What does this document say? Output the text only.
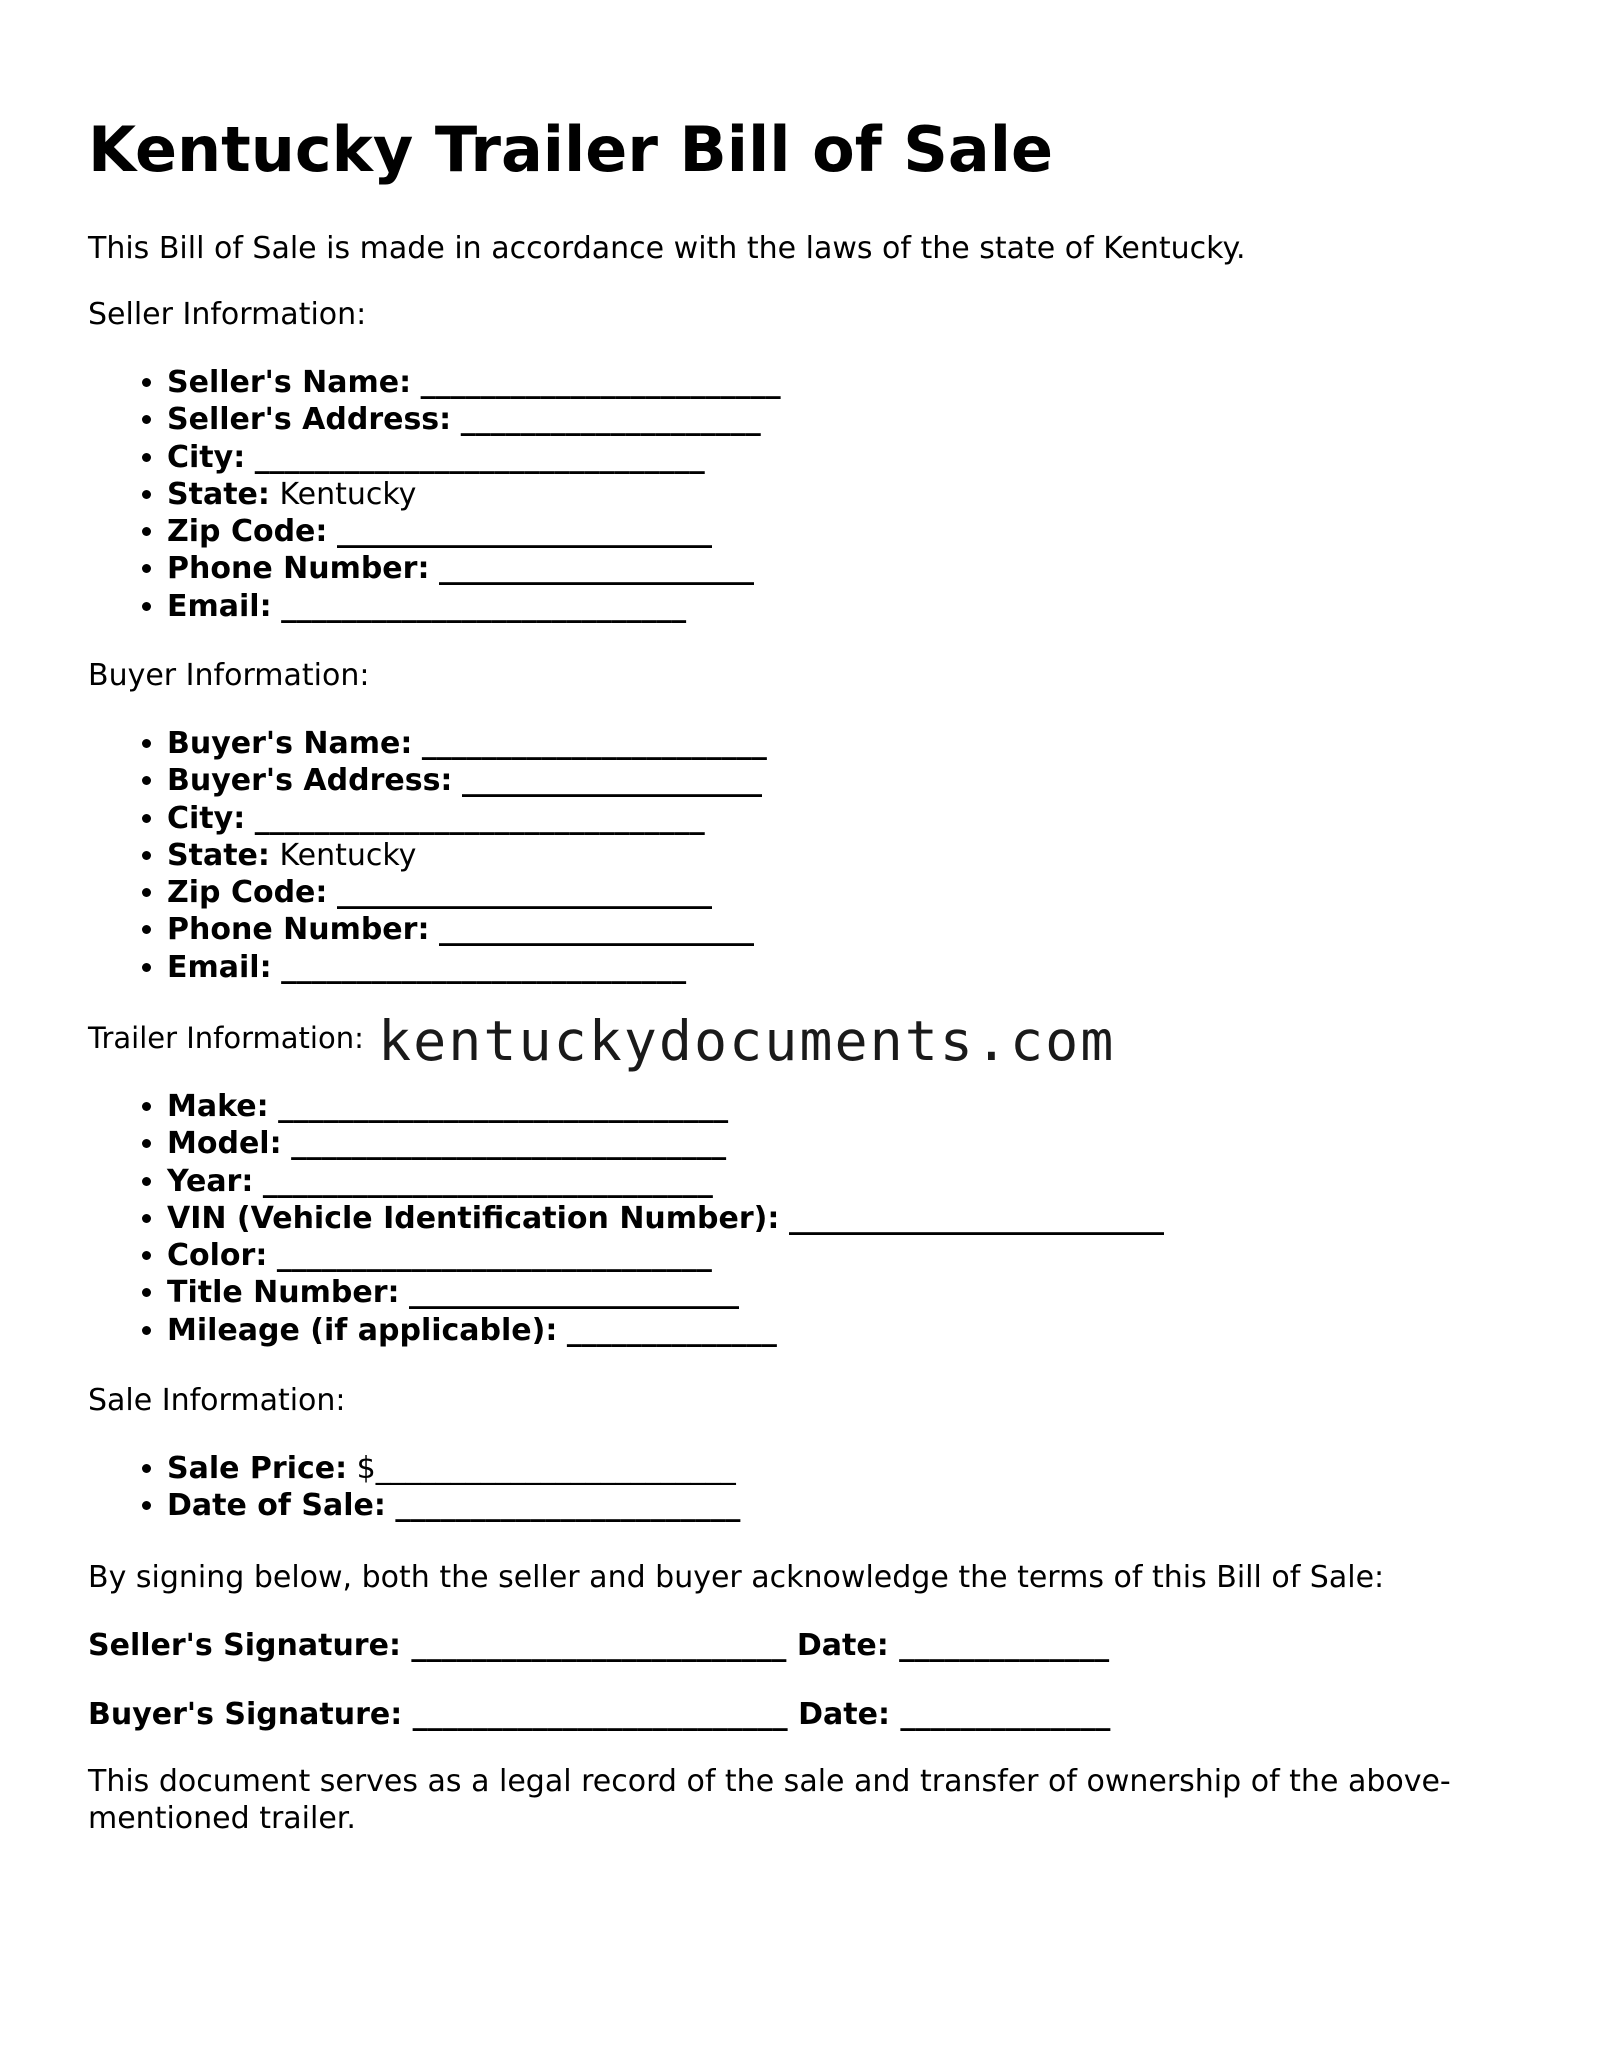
Kentucky Trailer Bill of Sale

This Bill of Sale is made in accordance with the laws of the state of Kentucky.

Seller Information:

• Seller's Name: ________________________
• Seller's Address: ____________________
• City: ______________________________
• State: Kentucky
• Zip Code: _________________________
• Phone Number: _____________________
• Email: ___________________________

Buyer Information:

• Buyer's Name: _______________________
• Buyer's Address: ____________________
• City: ______________________________
• State: Kentucky
• Zip Code: _________________________
• Phone Number: _____________________
• Email: ___________________________

Trailer Information:

• Make: ______________________________
• Model: _____________________________
• Year: ______________________________
• VIN (Vehicle Identification Number): _________________________
• Color: _____________________________
• Title Number: ______________________
• Mileage (if applicable): ______________

Sale Information:

• Sale Price: $________________________
• Date of Sale: _______________________

By signing below, both the seller and buyer acknowledge the terms of this Bill of Sale:

Seller's Signature: _________________________ Date: ______________

Buyer's Signature: _________________________ Date: ______________

This document serves as a legal record of the sale and transfer of ownership of the above-mentioned trailer.

kentuckydocuments.com
